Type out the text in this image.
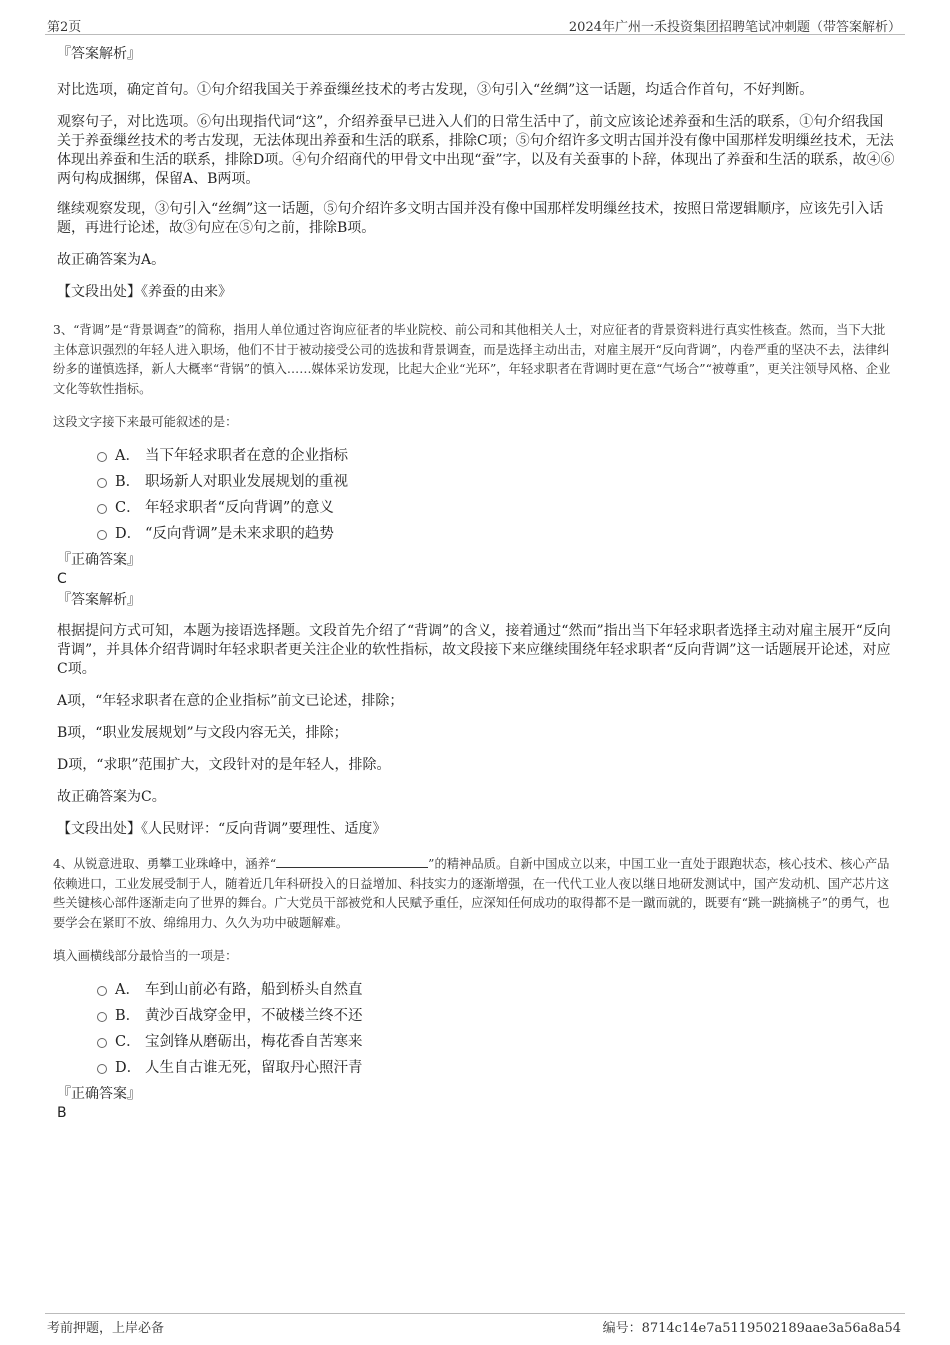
第2页	2024年广州一禾投资集团招聘笔试冲刺题（带答案解析）

『答案解析』

对比选项，确定首句。①句介绍我国关于养蚕缫丝技术的考古发现，③句引入“丝绸”这一话题，均适合作首句，不好判断。

观察句子，对比选项。⑥句出现指代词“这”，介绍养蚕早已进入人们的日常生活中了，前文应该论述养蚕和生活的联系，①句介绍我国关于养蚕缫丝技术的考古发现，无法体现出养蚕和生活的联系，排除C项；⑤句介绍许多文明古国并没有像中国那样发明缫丝技术，无法体现出养蚕和生活的联系，排除D项。④句介绍商代的甲骨文中出现“蚕”字，以及有关蚕事的卜辞，体现出了养蚕和生活的联系，故④⑥两句构成捆绑，保留A、B两项。

继续观察发现，③句引入“丝绸”这一话题，⑤句介绍许多文明古国并没有像中国那样发明缫丝技术，按照日常逻辑顺序，应该先引入话题，再进行论述，故③句应在⑤句之前，排除B项。

故正确答案为A。

【文段出处】《养蚕的由来》

3、“背调”是“背景调查”的简称，指用人单位通过咨询应征者的毕业院校、前公司和其他相关人士，对应征者的背景资料进行真实性核查。然而，当下大批主体意识强烈的年轻人进入职场，他们不甘于被动接受公司的选拔和背景调查，而是选择主动出击，对雇主展开“反向背调”，内卷严重的坚决不去，法律纠纷多的谨慎选择，新人大概率“背锅”的慎入……媒体采访发现，比起大企业“光环”，年轻求职者在背调时更在意“气场合”“被尊重”，更关注领导风格、企业文化等软性指标。

这段文字接下来最可能叙述的是：

A． 当下年轻求职者在意的企业指标
B． 职场新人对职业发展规划的重视
C． 年轻求职者“反向背调”的意义
D． “反向背调”是未来求职的趋势

『正确答案』

C

『答案解析』

根据提问方式可知，本题为接语选择题。文段首先介绍了“背调”的含义，接着通过“然而”指出当下年轻求职者选择主动对雇主展开“反向背调”，并具体介绍背调时年轻求职者更关注企业的软性指标，故文段接下来应继续围绕年轻求职者“反向背调”这一话题展开论述，对应C项。

A项，“年轻求职者在意的企业指标”前文已论述，排除；

B项，“职业发展规划”与文段内容无关，排除；

D项，“求职”范围扩大，文段针对的是年轻人，排除。

故正确答案为C。

【文段出处】《人民财评：“反向背调”要理性、适度》

4、从锐意进取、勇攀工业珠峰中，涵养“	”的精神品质。自新中国成立以来，中国工业一直处于跟跑状态，核心技术、核心产品依赖进口，工业发展受制于人，随着近几年科研投入的日益增加、科技实力的逐渐增强，在一代代工业人夜以继日地研发测试中，国产发动机、国产芯片这些关键核心部件逐渐走向了世界的舞台。广大党员干部被党和人民赋予重任，应深知任何成功的取得都不是一蹴而就的，既要有“跳一跳摘桃子”的勇气，也要学会在紧盯不放、绵绵用力、久久为功中破题解难。

填入画横线部分最恰当的一项是：

A． 车到山前必有路，船到桥头自然直
B． 黄沙百战穿金甲，不破楼兰终不还
C． 宝剑锋从磨砺出，梅花香自苦寒来
D． 人生自古谁无死，留取丹心照汗青

『正确答案』

B

考前押题，上岸必备	编号：8714c14e7a5119502189aae3a56a8a54
